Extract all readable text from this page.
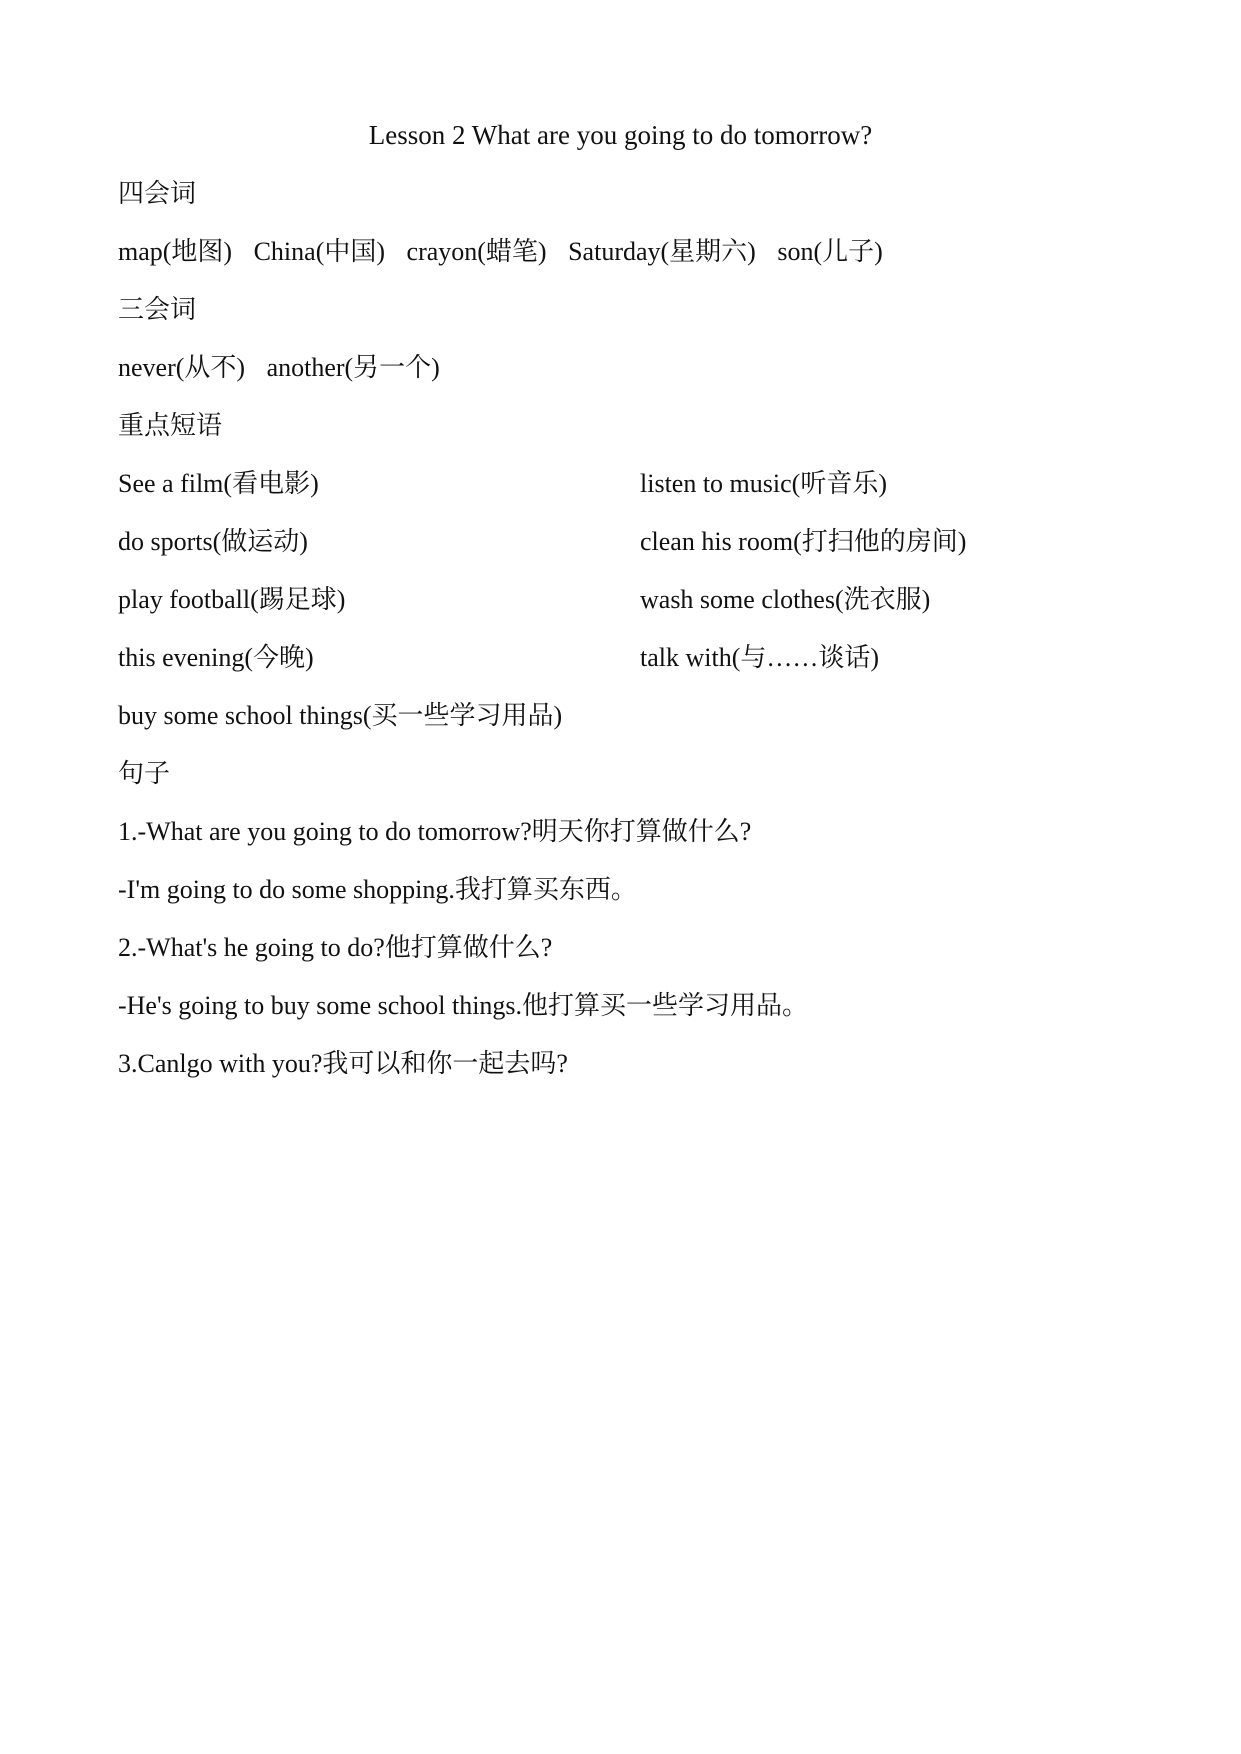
Lesson 2 What are you going to do tomorrow?
四会词
map(地图) China(中国) crayon(蜡笔) Saturday(星期六) son(儿子)
三会词
never(从不) another(另一个)
重点短语
See a film(看电影)	listen to music(听音乐)
do sports(做运动)	clean his room(打扫他的房间)
play football(踢足球)	wash some clothes(洗衣服)
this evening(今晚)	talk with(与……谈话)
buy some school things(买一些学习用品)
句子
1.-What are you going to do tomorrow?明天你打算做什么?
-I'm going to do some shopping.我打算买东西。
2.-What's he going to do?他打算做什么?
-He's going to buy some school things.他打算买一些学习用品。
3.Canlgo with you?我可以和你一起去吗?
